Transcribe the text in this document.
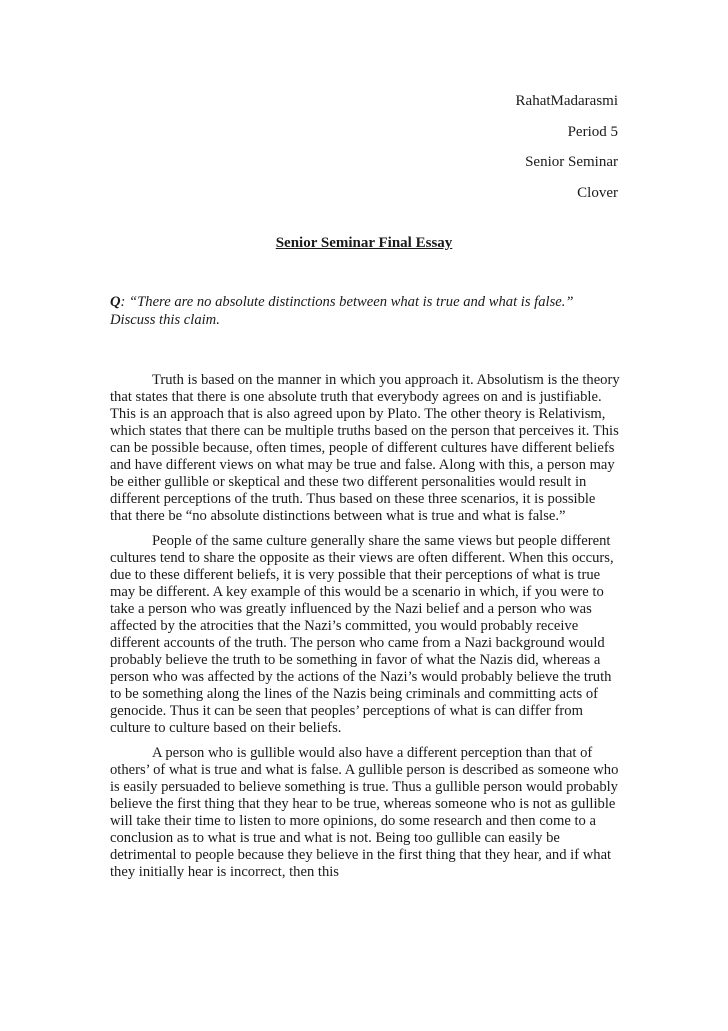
RahatMadarasmi
Period 5
Senior Seminar
Clover
Senior Seminar Final Essay
Q: “There are no absolute distinctions between what is true and what is false.” Discuss this claim.

Truth is based on the manner in which you approach it. Absolutism is the theory that states that there is one absolute truth that everybody agrees on and is justifiable. This is an approach that is also agreed upon by Plato. The other theory is Relativism, which states that there can be multiple truths based on the person that perceives it. This can be possible because, often times, people of different cultures have different beliefs and have different views on what may be true and false. Along with this, a person may be either gullible or skeptical and these two different personalities would result in different perceptions of the truth. Thus based on these three scenarios, it is possible that there be “no absolute distinctions between what is true and what is false.”

People of the same culture generally share the same views but people different cultures tend to share the opposite as their views are often different. When this occurs, due to these different beliefs, it is very possible that their perceptions of what is true may be different. A key example of this would be a scenario in which, if you were to take a person who was greatly influenced by the Nazi belief and a person who was affected by the atrocities that the Nazi’s committed, you would probably receive different accounts of the truth. The person who came from a Nazi background would probably believe the truth to be something in favor of what the Nazis did, whereas a person who was affected by the actions of the Nazi’s would probably believe the truth to be something along the lines of the Nazis being criminals and committing acts of genocide. Thus it can be seen that peoples’ perceptions of what is can differ from culture to culture based on their beliefs.

A person who is gullible would also have a different perception than that of others’ of what is true and what is false. A gullible person is described as someone who is easily persuaded to believe something is true. Thus a gullible person would probably believe the first thing that they hear to be true, whereas someone who is not as gullible will take their time to listen to more opinions, do some research and then come to a conclusion as to what is true and what is not. Being too gullible can easily be detrimental to people because they believe in the first thing that they hear, and if what they initially hear is incorrect, then this
